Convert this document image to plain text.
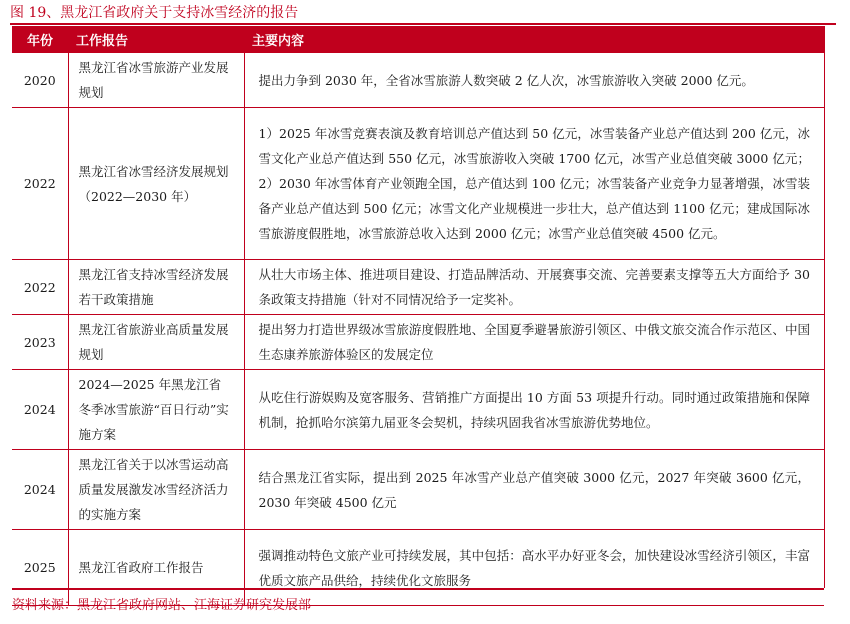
图 19、黑龙江省政府关于支持冰雪经济的报告
年份	工作报告	主要内容
2020	黑龙江省冰雪旅游产业发展规划	提出力争到 2030 年，全省冰雪旅游人数突破 2 亿人次，冰雪旅游收入突破 2000 亿元。
2022	黑龙江省冰雪经济发展规划（2022—2030 年）	1）2025 年冰雪竞赛表演及教育培训总产值达到 50 亿元，冰雪装备产业总产值达到 200 亿元，冰雪文化产业总产值达到 550 亿元，冰雪旅游收入突破 1700 亿元，冰雪产业总值突破 3000 亿元；2）2030 年冰雪体育产业领跑全国，总产值达到 100 亿元；冰雪装备产业竞争力显著增强，冰雪装备产业总产值达到 500 亿元；冰雪文化产业规模进一步壮大，总产值达到 1100 亿元；建成国际冰雪旅游度假胜地，冰雪旅游总收入达到 2000 亿元；冰雪产业总值突破 4500 亿元。
2022	黑龙江省支持冰雪经济发展若干政策措施	从壮大市场主体、推进项目建设、打造品牌活动、开展赛事交流、完善要素支撑等五大方面给予 30 条政策支持措施（针对不同情况给予一定奖补。
2023	黑龙江省旅游业高质量发展规划	提出努力打造世界级冰雪旅游度假胜地、全国夏季避暑旅游引领区、中俄文旅交流合作示范区、中国生态康养旅游体验区的发展定位
2024	2024—2025 年黑龙江省冬季冰雪旅游“百日行动”实施方案	从吃住行游娱购及宽客服务、营销推广方面提出 10 方面 53 项提升行动。同时通过政策措施和保障机制，抢抓哈尔滨第九届亚冬会契机，持续巩固我省冰雪旅游优势地位。
2024	黑龙江省关于以冰雪运动高质量发展激发冰雪经济活力的实施方案	结合黑龙江省实际，提出到 2025 年冰雪产业总产值突破 3000 亿元，2027 年突破 3600 亿元，2030 年突破 4500 亿元
2025	黑龙江省政府工作报告	强调推动特色文旅产业可持续发展，其中包括：高水平办好亚冬会，加快建设冰雪经济引领区，丰富优质文旅产品供给，持续优化文旅服务
资料来源：黑龙江省政府网站、江海证券研究发展部
